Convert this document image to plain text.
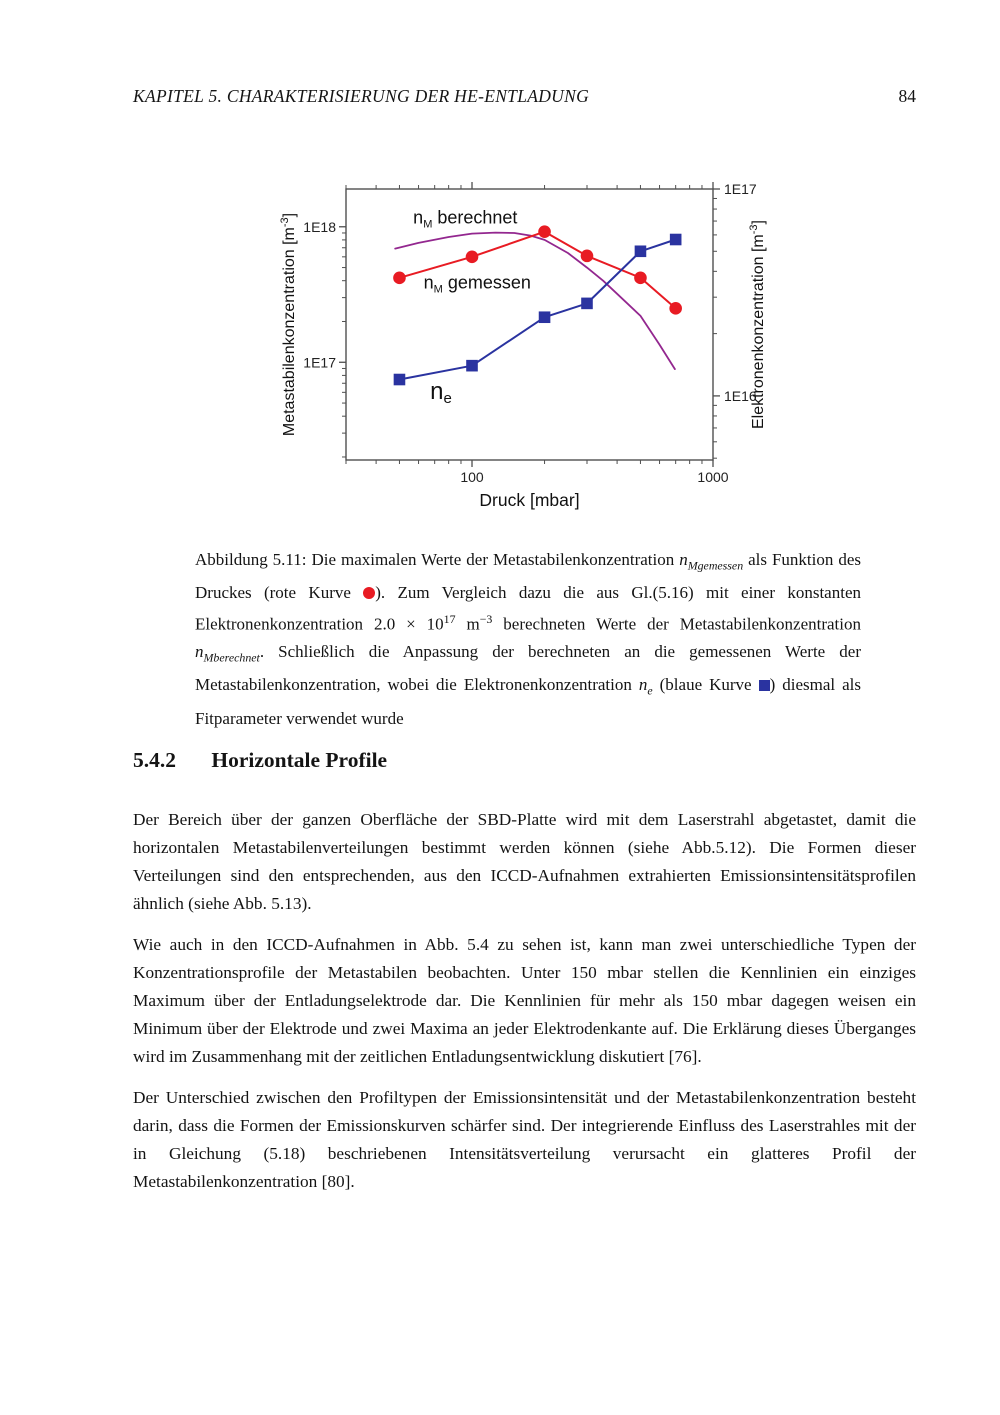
KAPITEL 5. CHARAKTERISIERUNG DER HE-ENTLADUNG	84
100	1000
1E17
1E18
1E16
1E17
Metastabilenkonzentration $[m^{-3}]$
Elektronenkonzentration $[m^{-3}]$
Druck [mbar]
$n_M$ berechnet
$n_M$ gemessen
ne
Abbildung 5.11: Die maximalen Werte der Metastabilenkonzentration $n_{Mgemessen}$ als Funktion des Druckes (rote Kurve ). Zum Vergleich dazu die aus Gl.(5.16) mit einer konstanten Elektronenkonzentration $2.0 \times 10^{17}$ $m^{-3}$ berechneten Werte der Metastabilenkonzentration $n_{Mberechnet}$. Schließlich die Anpassung der berechneten an die gemessenen Werte der Metastabilenkonzentration, wobei die Elektronenkonzentration $n_e$ (blaue Kurve ) diesmal als Fitparameter verwendet wurde
5.4.2 Horizontale Profile

Der Bereich über der ganzen Oberfläche der SBD-Platte wird mit dem Laserstrahl abgetastet, damit die horizontalen Metastabilenverteilungen bestimmt werden können (siehe Abb.5.12). Die Formen dieser Verteilungen sind den entsprechenden, aus den ICCD-Aufnahmen extrahierten Emissionsintensitätsprofilen ähnlich (siehe Abb. 5.13).

Wie auch in den ICCD-Aufnahmen in Abb. 5.4 zu sehen ist, kann man zwei unterschiedliche Typen der Konzentrationsprofile der Metastabilen beobachten. Unter 150 mbar stellen die Kennlinien ein einziges Maximum über der Entladungselektrode dar. Die Kennlinien für mehr als 150 mbar dagegen weisen ein Minimum über der Elektrode und zwei Maxima an jeder Elektrodenkante auf. Die Erklärung dieses Überganges wird im Zusammenhang mit der zeitlichen Entladungsentwicklung diskutiert [76].

Der Unterschied zwischen den Profiltypen der Emissionsintensität und der Metastabilenkonzentration besteht darin, dass die Formen der Emissionskurven schärfer sind. Der integrierende Einfluss des Laserstrahles mit der in Gleichung (5.18) beschriebenen Intensitätsverteilung verursacht ein glatteres Profil der Metastabilenkonzentration [80].
